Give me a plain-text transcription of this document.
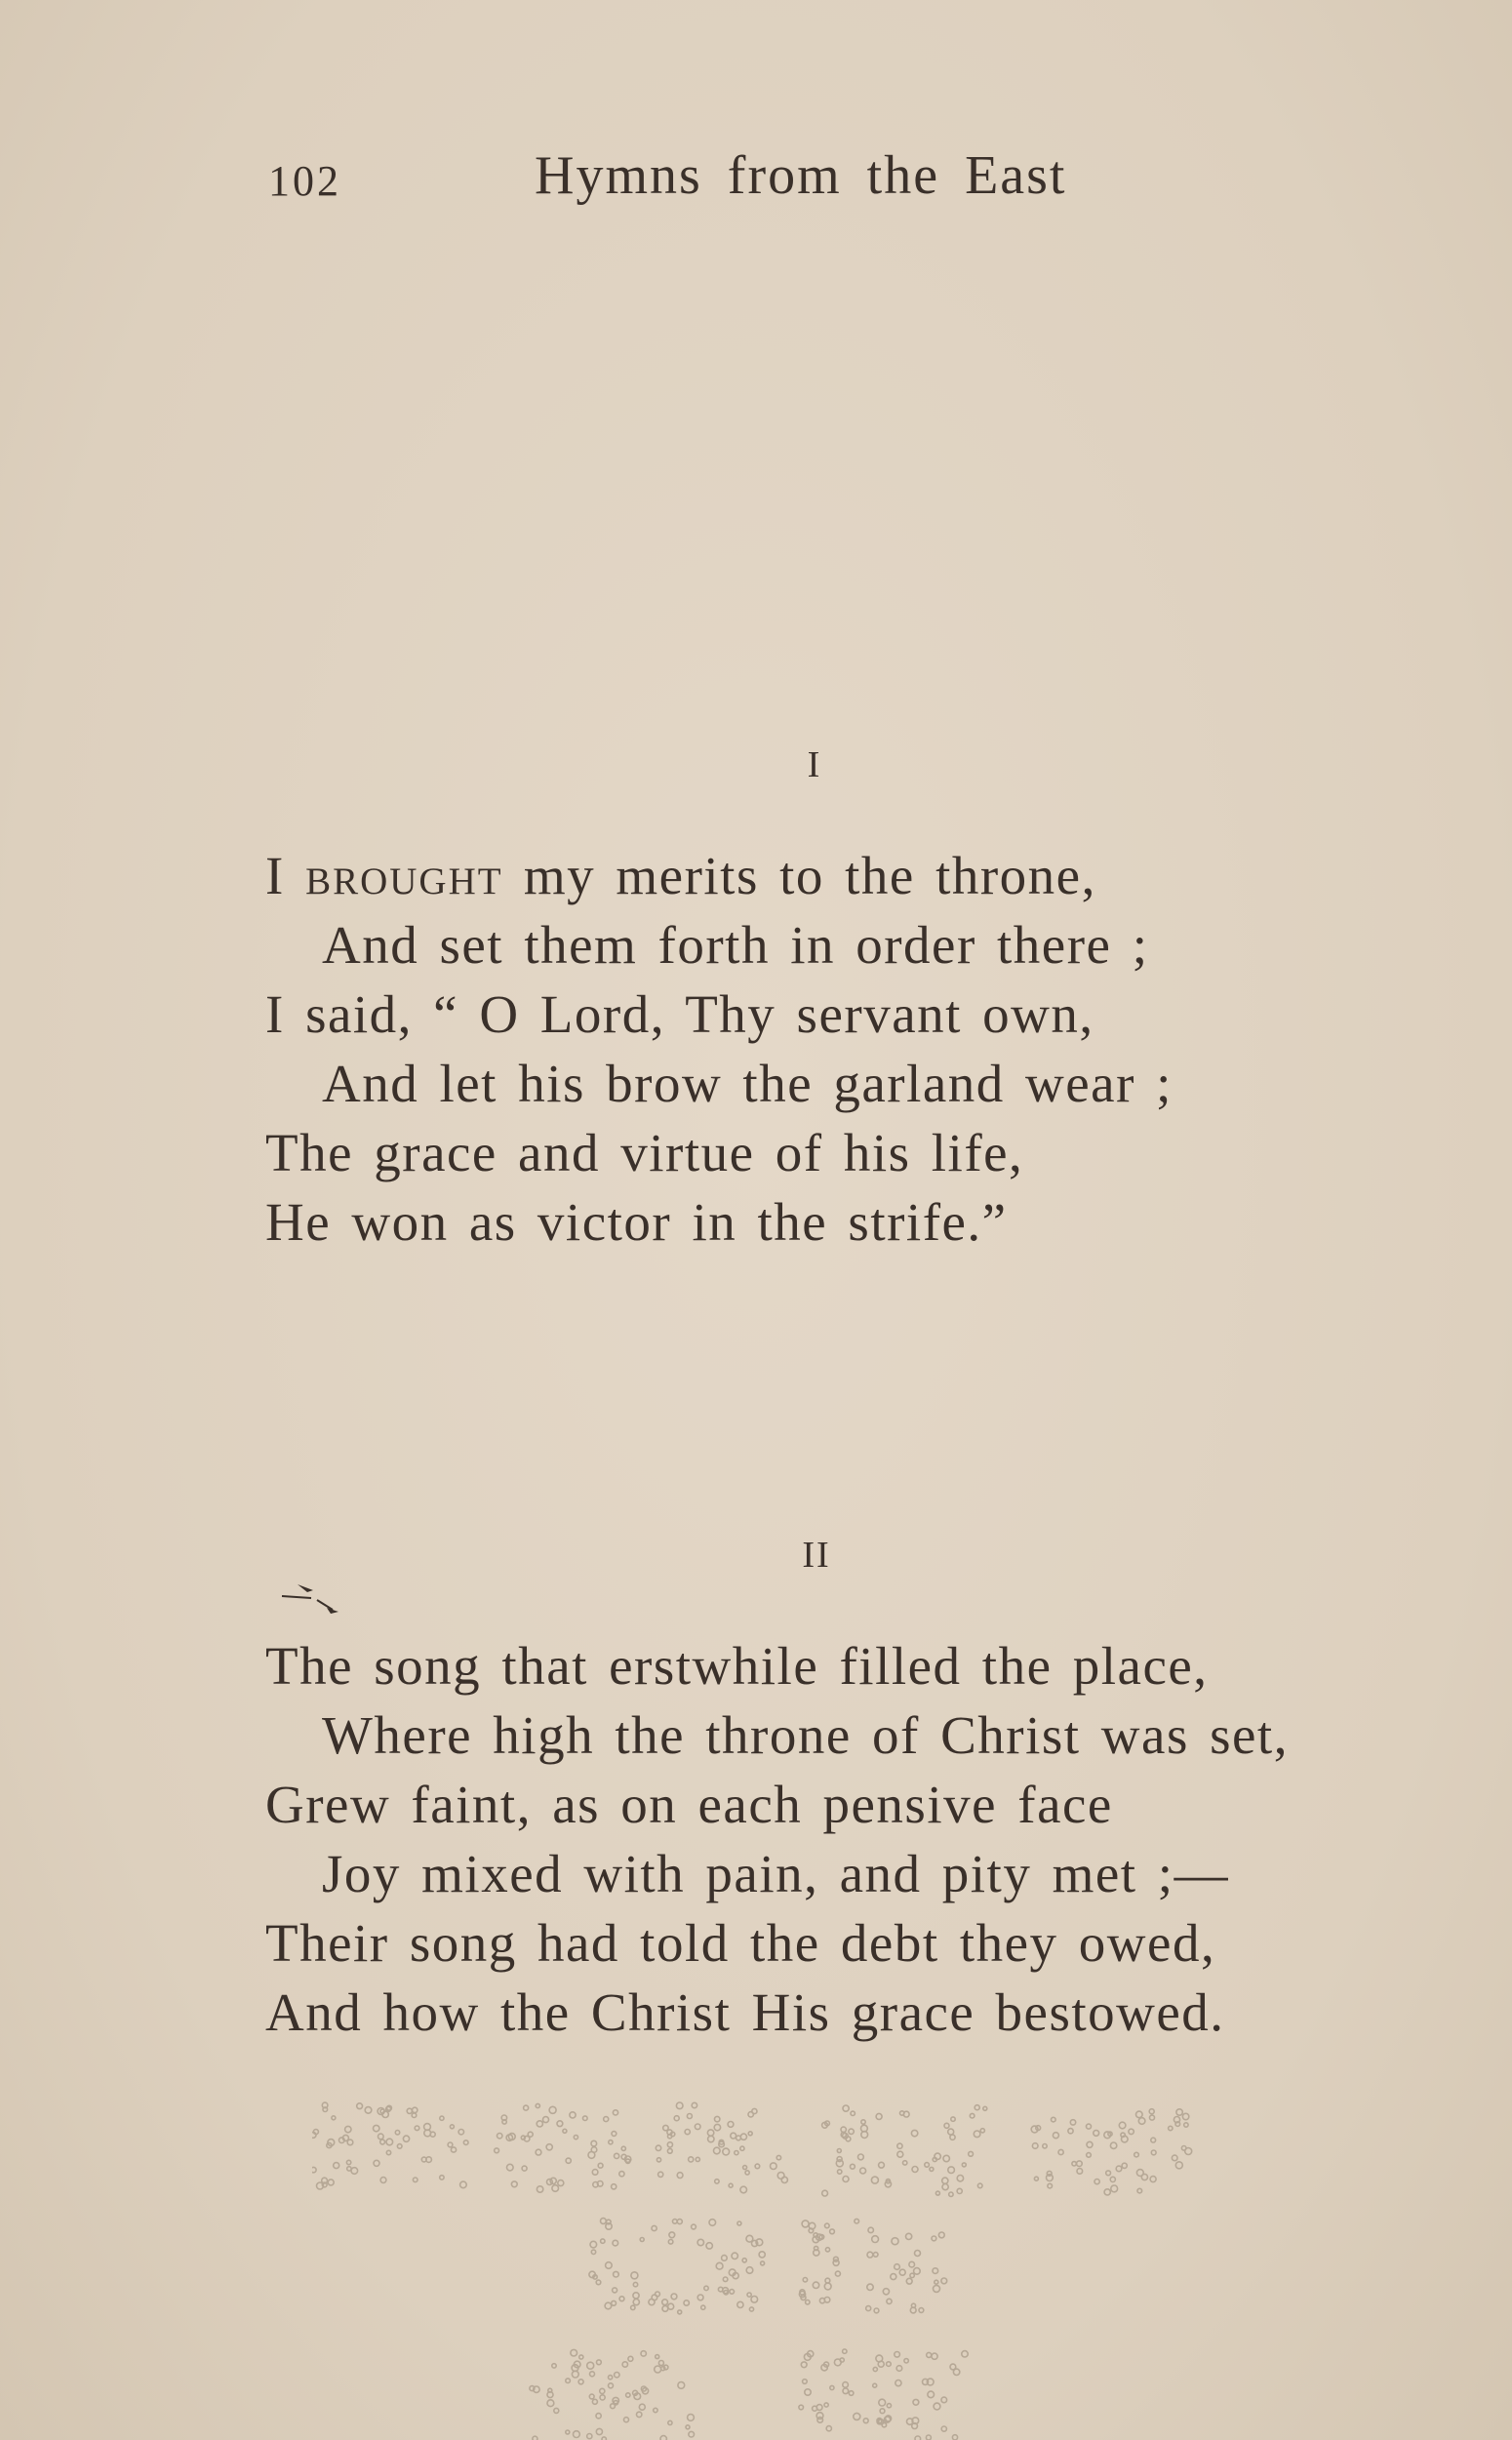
102	Hymns from the East
I
I brought my merits to the throne,
And set them forth in order there ;
I said, “ O Lord, Thy servant own,
And let his brow the garland wear ;
The grace and virtue of his life,
He won as victor in the strife.”
II
The song that erstwhile filled the place,
Where high the throne of Christ was set,
Grew faint, as on each pensive face
Joy mixed with pain, and pity met ;—
Their song had told the debt they owed,
And how the Christ His grace bestowed.
